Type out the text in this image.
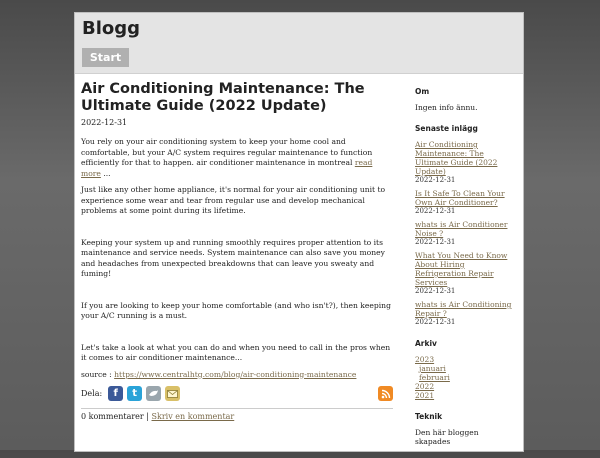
Blogg
Start
Air Conditioning Maintenance: The Ultimate Guide (2022 Update)
2022-12-31

You rely on your air conditioning system to keep your home cool and comfortable, but your A/C system requires regular maintenance to function efficiently for that to happen. air conditioner maintenance in montreal read more ...

Just like any other home appliance, it's normal for your air conditioning unit to experience some wear and tear from regular use and develop mechanical problems at some point during its lifetime.

Keeping your system up and running smoothly requires proper attention to its maintenance and service needs. System maintenance can also save you money and headaches from unexpected breakdowns that can leave you sweaty and fuming!

If you are looking to keep your home comfortable (and who isn't?), then keeping your A/C running is a must.

Let's take a look at what you can do and when you need to call in the pros when it comes to air conditioner maintenance...

source : https://www.centralhtg.com/blog/air-conditioning-maintenance

Dela:	f	t
0 kommentarer | Skriv en kommentar
Om
Ingen info ännu.
Senaste inlägg
Air Conditioning Maintenance: The Ultimate Guide (2022 Update)
2022-12-31
Is It Safe To Clean Your Own Air Conditioner?
2022-12-31
whats is Air Conditioner Noise ?
2022-12-31
What You Need to Know About Hiring Refrigeration Repair Services
2022-12-31
whats is Air Conditioning Repair ?
2022-12-31
Arkiv
2023
januari
februari
2022
2021
Teknik
Den här bloggen skapades
